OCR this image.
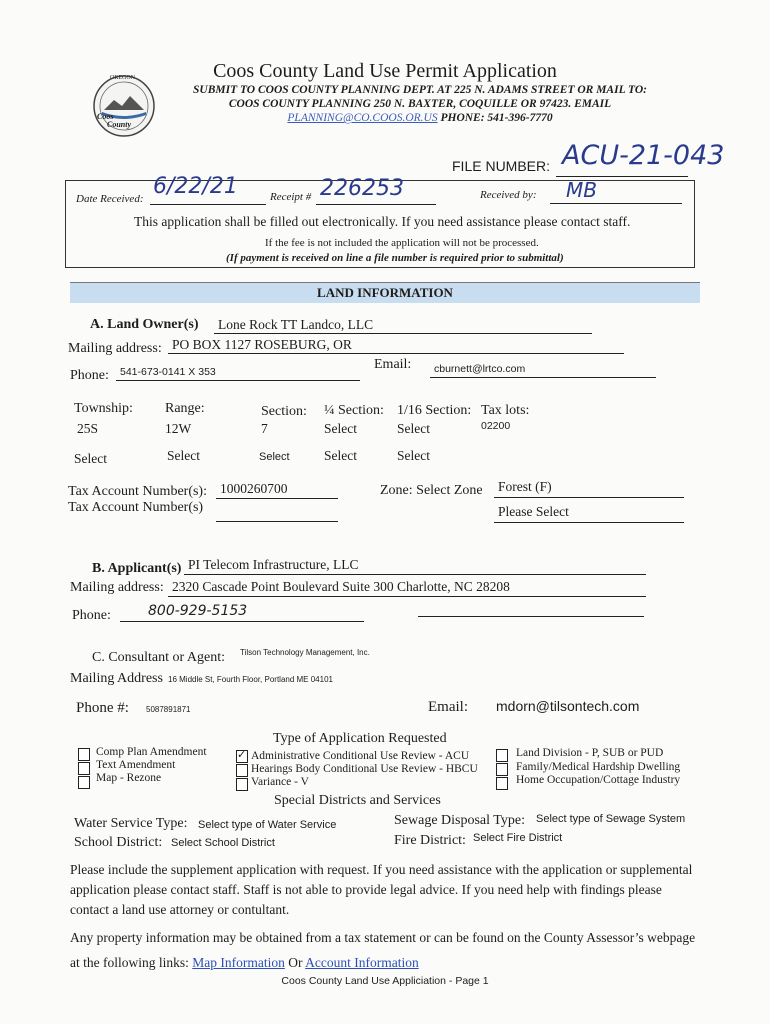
OREGON
Coos
County
Coos County Land Use Permit Application
SUBMIT TO COOS COUNTY PLANNING DEPT. AT 225 N. ADAMS STREET OR MAIL TO:
COOS COUNTY PLANNING 250 N. BAXTER, COQUILLE OR 97423. EMAIL
PLANNING@CO.COOS.OR.US PHONE: 541-396-7770
FILE NUMBER: ACU-21-043
Date Received: 6/22/21	Receipt # 226253	Received by: MB
This application shall be filled out electronically. If you need assistance please contact staff.
If the fee is not included the application will not be processed.
(If payment is received on line a file number is required prior to submittal)
LAND INFORMATION
A. Land Owner(s) Lone Rock TT Landco, LLC
Mailing address: PO BOX 1127 ROSEBURG, OR
Phone: 541-673-0141 X 353	Email: cburnett@lrtco.com
Township:
25S
Range:
12W
Section:
7
¼ Section:
Select
1/16 Section:
Select
Tax lots:
02200
Select	Select	Select	Select	Select
Tax Account Number(s): 1000260700
Tax Account Number(s)
Zone: Select Zone Forest (F)
Please Select
B. Applicant(s) PI Telecom Infrastructure, LLC
Mailing address: 2320 Cascade Point Boulevard Suite 300 Charlotte, NC 28208
Phone:	800-929-5153
C. Consultant or Agent: Tilson Technology Management, Inc.
Mailing Address 16 Middle St, Fourth Floor, Portland ME 04101
Phone #: 5087891871	Email: mdorn@tilsontech.com
Type of Application Requested
Comp Plan Amendment
Text Amendment
Map - Rezone
✓
Administrative Conditional Use Review - ACU
Hearings Body Conditional Use Review - HBCU
Variance - V
Land Division - P, SUB or PUD
Family/Medical Hardship Dwelling
Home Occupation/Cottage Industry
Special Districts and Services
Water Service Type: Select type of Water Service	Sewage Disposal Type: Select type of Sewage System
School District: Select School District	Fire District: Select Fire District
Please include the supplement application with request. If you need assistance with the application or supplemental application please contact staff. Staff is not able to provide legal advice. If you need help with findings please contact a land use attorney or contultant.
Any property information may be obtained from a tax statement or can be found on the County Assessor’s webpage at the following links: Map Information Or Account Information
Coos County Land Use Appliciation - Page 1
